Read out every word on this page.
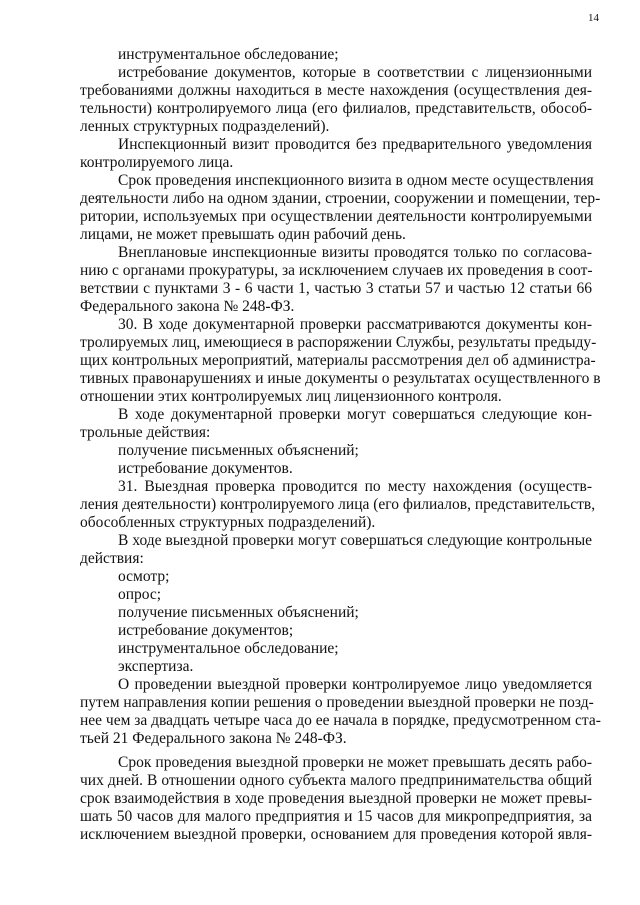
14
инструментальное обследование;
истребование документов, которые в соответствии с лицензионными
требованиями должны находиться в месте нахождения (осуществления дея-
тельности) контролируемого лица (его филиалов, представительств, обособ-
ленных структурных подразделений).
Инспекционный визит проводится без предварительного уведомления
контролируемого лица.
Срок проведения инспекционного визита в одном месте осуществления
деятельности либо на одном здании, строении, сооружении и помещении, тер-
ритории, используемых при осуществлении деятельности контролируемыми
лицами, не может превышать один рабочий день.
Внеплановые инспекционные визиты проводятся только по согласова-
нию с органами прокуратуры, за исключением случаев их проведения в соот-
ветствии с пунктами 3 - 6 части 1, частью 3 статьи 57 и частью 12 статьи 66
Федерального закона № 248-ФЗ.
30. В ходе документарной проверки рассматриваются документы кон-
тролируемых лиц, имеющиеся в распоряжении Службы, результаты предыду-
щих контрольных мероприятий, материалы рассмотрения дел об администра-
тивных правонарушениях и иные документы о результатах осуществленного в
отношении этих контролируемых лиц лицензионного контроля.
В ходе документарной проверки могут совершаться следующие кон-
трольные действия:
получение письменных объяснений;
истребование документов.
31. Выездная проверка проводится по месту нахождения (осуществ-
ления деятельности) контролируемого лица (его филиалов, представительств,
обособленных структурных подразделений).
В ходе выездной проверки могут совершаться следующие контрольные
действия:
осмотр;
опрос;
получение письменных объяснений;
истребование документов;
инструментальное обследование;
экспертиза.
О проведении выездной проверки контролируемое лицо уведомляется
путем направления копии решения о проведении выездной проверки не позд-
нее чем за двадцать четыре часа до ее начала в порядке, предусмотренном ста-
тьей 21 Федерального закона № 248-ФЗ.
Срок проведения выездной проверки не может превышать десять рабо-
чих дней. В отношении одного субъекта малого предпринимательства общий
срок взаимодействия в ходе проведения выездной проверки не может превы-
шать 50 часов для малого предприятия и 15 часов для микропредприятия, за
исключением выездной проверки, основанием для проведения которой явля-
